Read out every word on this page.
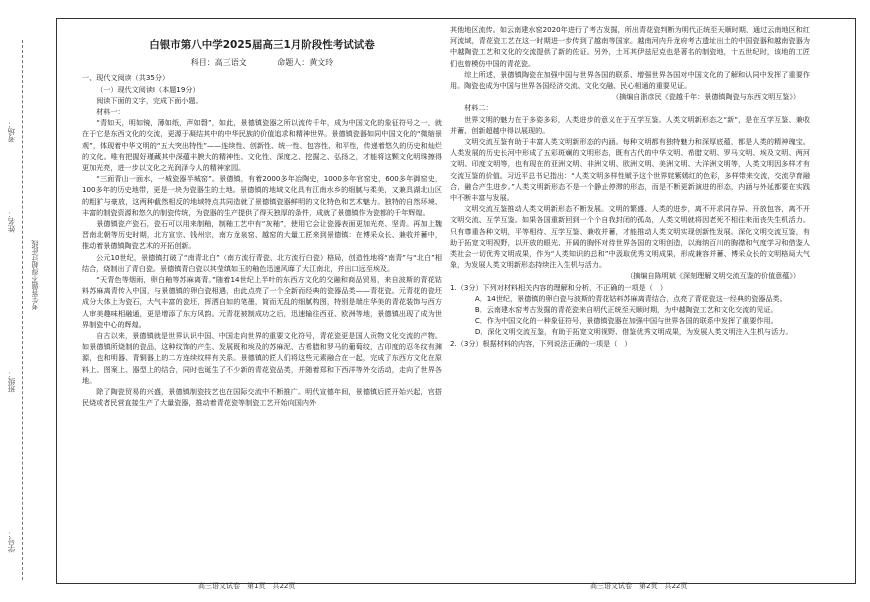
考场：
姓名：
班级：
学号：
考生答题不得超过此线
白银市第八中学2025届高三1月阶段性考试试卷
科目：高三语文	命题人：黄文玲

一、现代文阅读（共35分）

（一）现代文阅读Ⅰ（本题19分）

阅读下面的文字，完成下面小题。

材料一：

“青如天，明如镜，薄如纸，声如磬”，如此，景德镇瓷器之所以流传千年，成为中国文化的象征符号之一，就在于它是东西文化的交流，更源于凝结其中的中华民族的价值追求和精神世界。景德镇瓷器如同中国文化的“微缩景观”，体现着中华文明的“五大突出特性”——连续性、创新性、统一性、包容性、和平性，传递着悠久的历史和灿烂的文化。唯有把握好瑾藏其中深蕴丰腴大的精神性、文化性、深度之、挖掘之、弘扬之，才能将这颗文化明珠擦得更加光亮，进一步以文化之光润泽今人的精神家园。

“三面青山一面水，一城瓷器半城窑”。景德镇，有着2000多年冶陶史，1000多年官窑史，600多年御窑史，100多年的历史地带，更是一块为瓷器生的土地。景德镇的地域文化具有江南水乡的细腻与柔美，又兼具湖北山区的粗犷与豪放，这两种截然相反的地域特点共同造就了景德镇瓷器鲜明的文化特色和艺术魅力。独特的自然环境、丰富的制瓷资源和悠久的制瓷传统，为瓷器的生产提供了得天独厚的条件，成就了景德镇作为瓷都的千年辉煌。

景德镇瓷产瓷石，瓷石可以用来制釉，制釉工艺中有“灰釉”，使用它会让瓷器表面更加光亮、坚青。再加上魏晋南北朝等历史时期，北方宣宗、钱州宗，南方龙泉窑、越窑的大量工匠来到景德镇：在博采众长、兼收并蓄中，推动着景德镇陶瓷艺术的开拓创新。

公元10世纪，景德镇打破了“南青北白”（南方流行青瓷、北方流行白瓷）格局，创造性地将“南青”与“北白”相结合，烧制出了青白瓷。景德镇青白瓷以其莹缜如玉的釉色迅速风靡了大江南北，并出口远至埃及。

“天青色等烟雨，卵白釉等苏麻离青。”随着14世纪上半叶的东西方文化的交融和商品贸易，来自波斯的青花钴料苏麻离青传入中国，与景德镇的卵白瓷相遇，由此点亮了一个全新而经典的瓷器品类——青花瓷。元青花的瓷坯成分大体上为瓷石，大气丰富的瓷坯，挥洒自如的笔墨，简而无乱的细腻构图，特别是端庄华美的青花装饰与西方人审美趣味相融通，更是增添了东方风韵。元青花被制成功之后，迅速输往西亚、欧洲等地，景德镇出现了成为世界制瓷中心的辉煌。

自古以来，景德镇就是世界认识中国、中国走向世界的重要文化符号，青花瓷更是国人贡物文化交流的产物。如景德镇所烧制的瓷品，这种纹饰的产生、发展既和埃及的苏麻泥、古希腊和罗马的葡萄纹，古印度的忍冬纹有渊源，也和明器、青铜器上的二方连续纹样有关系。景德镇的匠人们将这些元素融合在一起，完成了东西方文化在原料上、图案上、器型上的结合，同时也诞生了不少新的青花瓷品类，并随着郑和下西洋等外交活动，走向了世界各地。

除了陶瓷贸易的兴盛，景德镇制瓷技艺也在国际交流中不断推广。明代宣德年间，景德镇后匠开始兴起，官搭民烧或者民营直接生产了大量瓷器，推动着青花瓷等制瓷工艺开始向国内外

高三语文试卷　第1页　共22页

其他地区流传。如云南建水窑2020年进行了考古发掘，所出青花瓷判断为明代正统至天顺时期，通过云南地区和红河流域，青花瓷工艺在这一时期进一步传到了越南等国家。越南河内升龙府考古遗址出土的中国瓷器和越南瓷器为中越陶瓷工艺和文化的交流提供了新的佐证。另外，土耳其伊兹尼克也是著名的制瓷地，十五世纪时，该地的工匠们也曾模仿中国的青花瓷。

综上所述，景德镇陶瓷在加强中国与世界各国的联系、增强世界各国对中国文化的了解和认同中发挥了重要作用。陶瓷也成为中国与世界各国经济交流、文化交融、民心相通的重要见证。

（摘编自浙彦民《瓷越千年：景德镇陶瓷与东西文明互鉴》）

材料二：

世界文明的魅力在于多姿多彩，人类进步的意义在于互学互鉴。人类文明新形态之“新”，是在互学互鉴、兼收并蓄、创新超越中得以展现的。

文明交流互鉴有助于丰富人类文明新形态的内涵。每种文明都有独特魅力和深厚底蕴，都是人类的精神瑰宝。人类发展的历史长河中形成了五彩斑斓的文明形态，既有古代的中华文明、希腊文明、罗马文明、埃及文明、两河文明、印度文明等，也有现在的亚洲文明、非洲文明、欧洲文明、美洲文明、大洋洲文明等，人类文明因多样才有交流互鉴的价值。习近平总书记指出：“人类文明多样性赋予这个世界姹紫嫣红的色彩，多样带来交流，交流孕育融合，融合产生进步。”人类文明新形态不是一个静止停滞的形态，而是不断更新演进的形态，内涵与外延都要在实践中不断丰富与发展。

文明交流互鉴推动人类文明新形态不断发展。文明的繁盛、人类的进步，离不开求同存异、开放包容，离不开文明交流、互学互鉴。如果各国重新回到一个个自我封闭的孤岛，人类文明就将因老死不相往来而丧失生机活力。只有尊重各种文明，平等相待、互学互鉴、兼收并蓄，才能推动人类文明实现创新性发展。深化文明交流互鉴，有助于拓宽文明视野，以开放的眼光、开阔的胸怀对待世界各国的文明创造，以海纳百川的胸襟和气度学习和借鉴人类社会一切优秀文明成果，作为“人类知识的总和”中汲取优秀文明成果，形成兼容并蓄、博采众长的文明格局大气象，为发展人类文明新形态持续注入生机与活力。

（摘编自陈明斌《深刻理解文明交流互鉴的价值意蕴》）

1.（3分）下列对材料相关内容的理解和分析，不正确的一项是（　）

A．14世纪，景德镇的卵白瓷与波斯的青花钴料苏麻离青结合，点亮了青花瓷这一经典的瓷器品类。

B．云南建水窑考古发掘的青花瓷来自明代正统至天顺时期，为中越陶瓷工艺和文化交流的见证。

C．作为中国文化的一种象征符号，景德镇瓷器在加强中国与世界各国的联系中发挥了重要作用。

D．深化文明交流互鉴，有助于拓宽文明视野、借鉴优秀文明成果，为发展人类文明注入生机与活力。

2.（3分）根据材料的内容，下列说法正确的一项是（　）

高三语文试卷　第2页　共22页
